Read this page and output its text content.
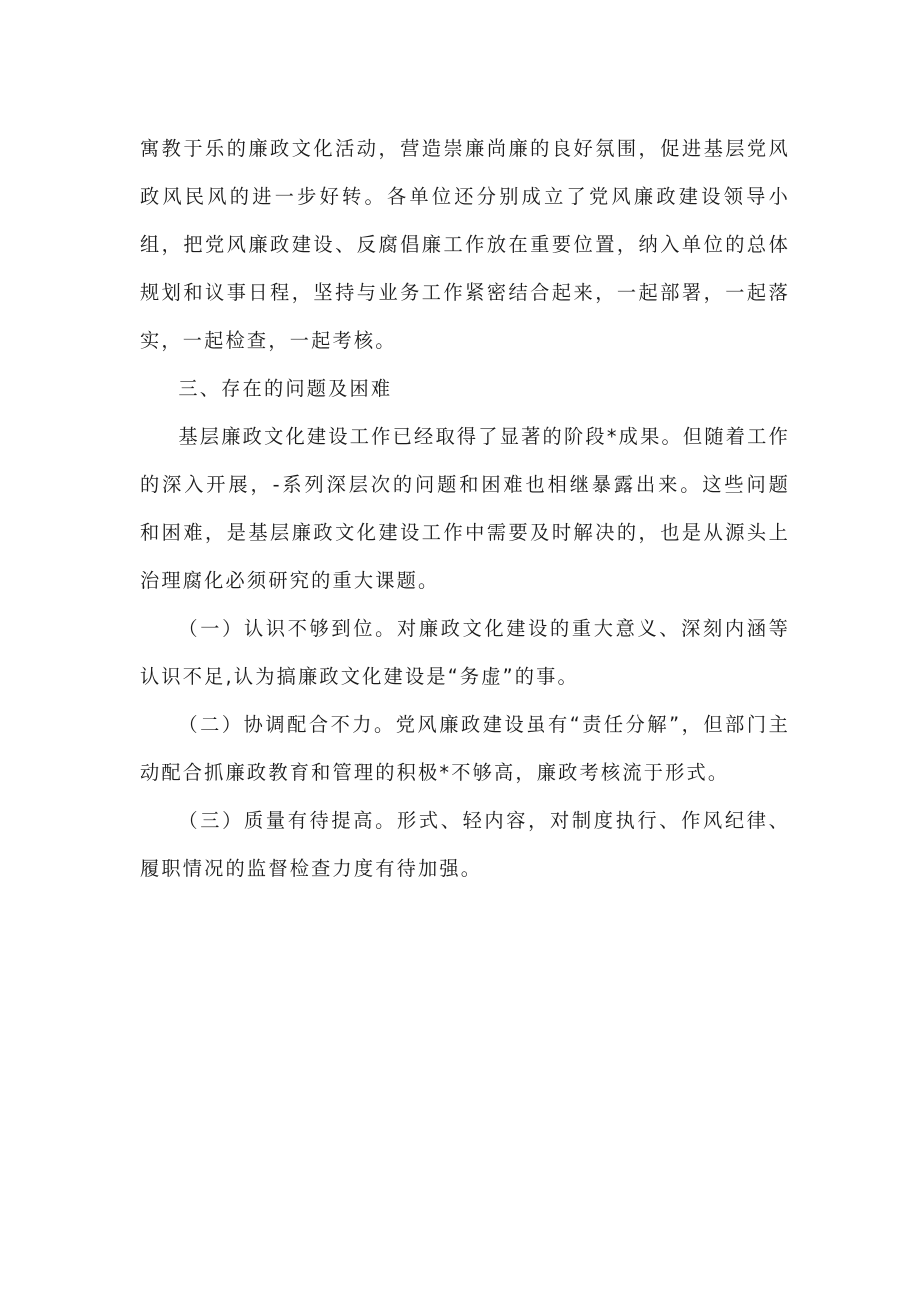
寓教于乐的廉政文化活动，营造崇廉尚廉的良好氛围，促进基层党风政风民风的进一步好转。各单位还分别成立了党风廉政建设领导小组，把党风廉政建设、反腐倡廉工作放在重要位置，纳入单位的总体规划和议事日程，坚持与业务工作紧密结合起来，一起部署，一起落实，一起检查，一起考核。

三、存在的问题及困难

基层廉政文化建设工作已经取得了显著的阶段*成果。但随着工作的深入开展，-系列深层次的问题和困难也相继暴露出来。这些问题和困难，是基层廉政文化建设工作中需要及时解决的，也是从源头上治理腐化必须研究的重大课题。

（一）认识不够到位。对廉政文化建设的重大意义、深刻内涵等认识不足,认为搞廉政文化建设是“务虚”的事。

（二）协调配合不力。党风廉政建设虽有“责任分解”，但部门主动配合抓廉政教育和管理的积极*不够高，廉政考核流于形式。

（三）质量有待提高。形式、轻内容，对制度执行、作风纪律、履职情况的监督检查力度有待加强。
